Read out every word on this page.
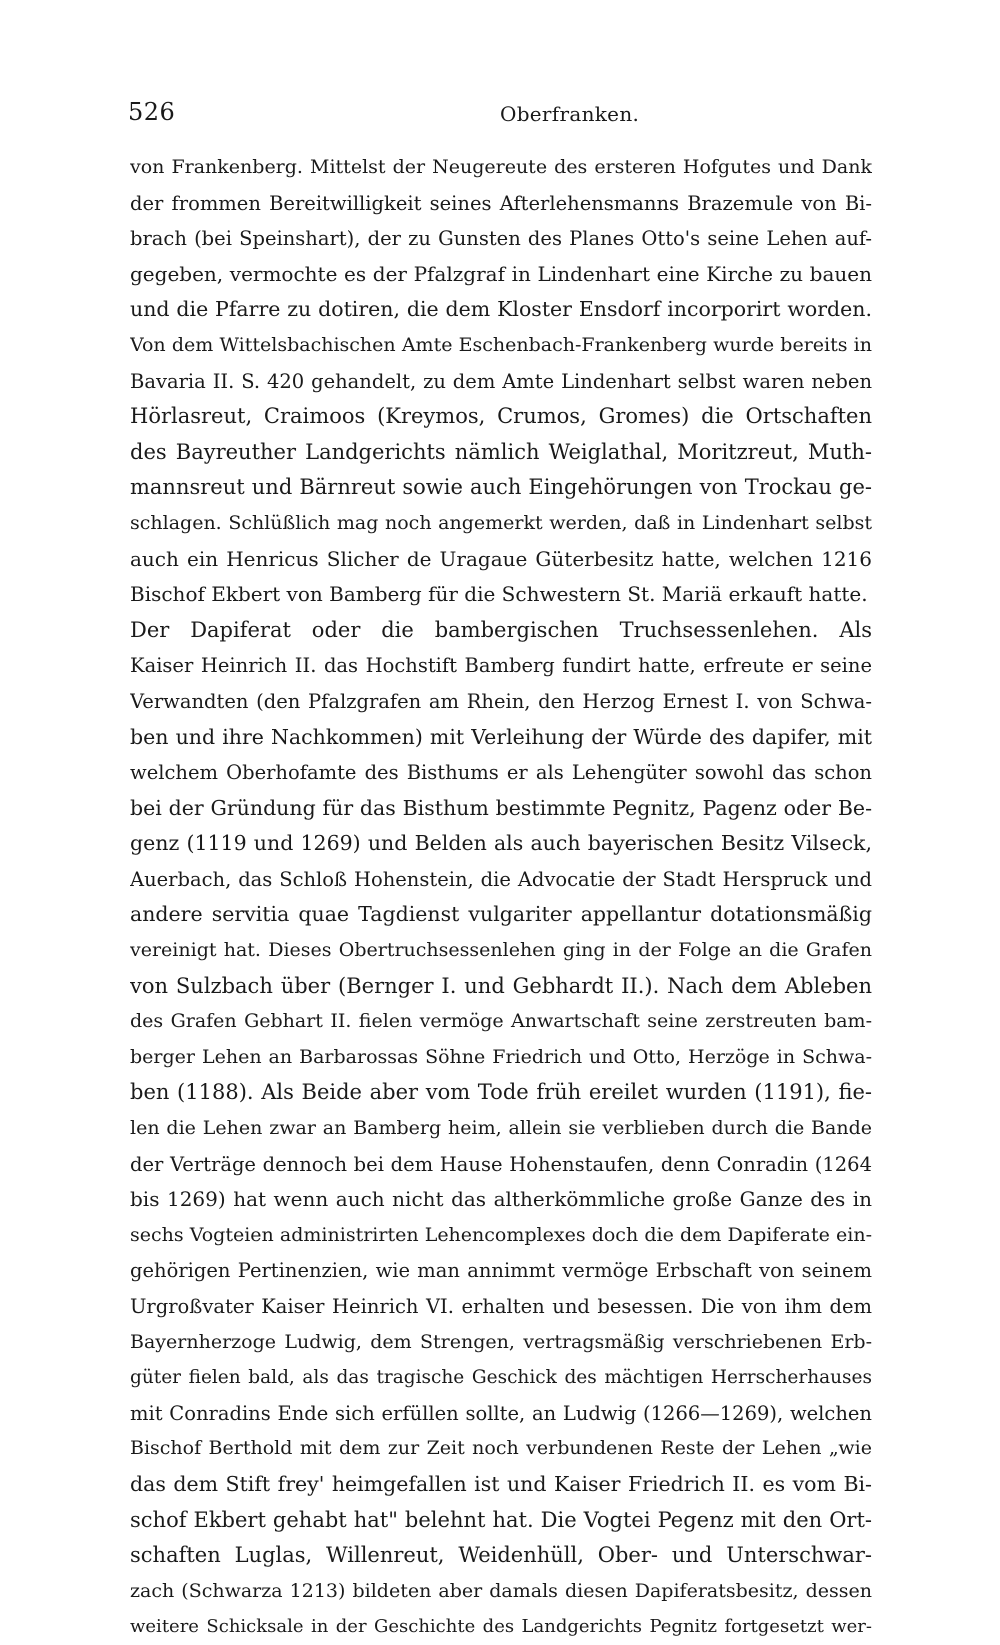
526	Oberfranken.
von Frankenberg. Mittelst der Neugereute des ersteren Hofgutes und Dank
der frommen Bereitwilligkeit seines Afterlehensmanns Brazemule von Bi-
brach (bei Speinshart), der zu Gunsten des Planes Otto's seine Lehen auf-
gegeben, vermochte es der Pfalzgraf in Lindenhart eine Kirche zu bauen
und die Pfarre zu dotiren, die dem Kloster Ensdorf incorporirt worden.
Von dem Wittelsbachischen Amte Eschenbach-Frankenberg wurde bereits in
Bavaria II. S. 420 gehandelt, zu dem Amte Lindenhart selbst waren neben
Hörlasreut, Craimoos (Kreymos, Crumos, Gromes) die Ortschaften
des Bayreuther Landgerichts nämlich Weiglathal, Moritzreut, Muth-
mannsreut und Bärnreut sowie auch Eingehörungen von Trockau ge-
schlagen. Schlüßlich mag noch angemerkt werden, daß in Lindenhart selbst
auch ein Henricus Slicher de Uragaue Güterbesitz hatte, welchen 1216
Bischof Ekbert von Bamberg für die Schwestern St. Mariä erkauft hatte.
Der Dapiferat oder die bambergischen Truchsessenlehen. Als
Kaiser Heinrich II. das Hochstift Bamberg fundirt hatte, erfreute er seine
Verwandten (den Pfalzgrafen am Rhein, den Herzog Ernest I. von Schwa-
ben und ihre Nachkommen) mit Verleihung der Würde des dapifer, mit
welchem Oberhofamte des Bisthums er als Lehengüter sowohl das schon
bei der Gründung für das Bisthum bestimmte Pegnitz, Pagenz oder Be-
genz (1119 und 1269) und Belden als auch bayerischen Besitz Vilseck,
Auerbach, das Schloß Hohenstein, die Advocatie der Stadt Herspruck und
andere servitia quae Tagdienst vulgariter appellantur dotationsmäßig
vereinigt hat. Dieses Obertruchsessenlehen ging in der Folge an die Grafen
von Sulzbach über (Bernger I. und Gebhardt II.). Nach dem Ableben
des Grafen Gebhart II. fielen vermöge Anwartschaft seine zerstreuten bam-
berger Lehen an Barbarossas Söhne Friedrich und Otto, Herzöge in Schwa-
ben (1188). Als Beide aber vom Tode früh ereilet wurden (1191), fie-
len die Lehen zwar an Bamberg heim, allein sie verblieben durch die Bande
der Verträge dennoch bei dem Hause Hohenstaufen, denn Conradin (1264
bis 1269) hat wenn auch nicht das altherkömmliche große Ganze des in
sechs Vogteien administrirten Lehencomplexes doch die dem Dapiferate ein-
gehörigen Pertinenzien, wie man annimmt vermöge Erbschaft von seinem
Urgroßvater Kaiser Heinrich VI. erhalten und besessen. Die von ihm dem
Bayernherzoge Ludwig, dem Strengen, vertragsmäßig verschriebenen Erb-
güter fielen bald, als das tragische Geschick des mächtigen Herrscherhauses
mit Conradins Ende sich erfüllen sollte, an Ludwig (1266—1269), welchen
Bischof Berthold mit dem zur Zeit noch verbundenen Reste der Lehen „wie
das dem Stift frey' heimgefallen ist und Kaiser Friedrich II. es vom Bi-
schof Ekbert gehabt hat" belehnt hat. Die Vogtei Pegenz mit den Ort-
schaften Luglas, Willenreut, Weidenhüll, Ober- und Unterschwar-
zach (Schwarza 1213) bildeten aber damals diesen Dapiferatsbesitz, dessen
weitere Schicksale in der Geschichte des Landgerichts Pegnitz fortgesetzt wer-
